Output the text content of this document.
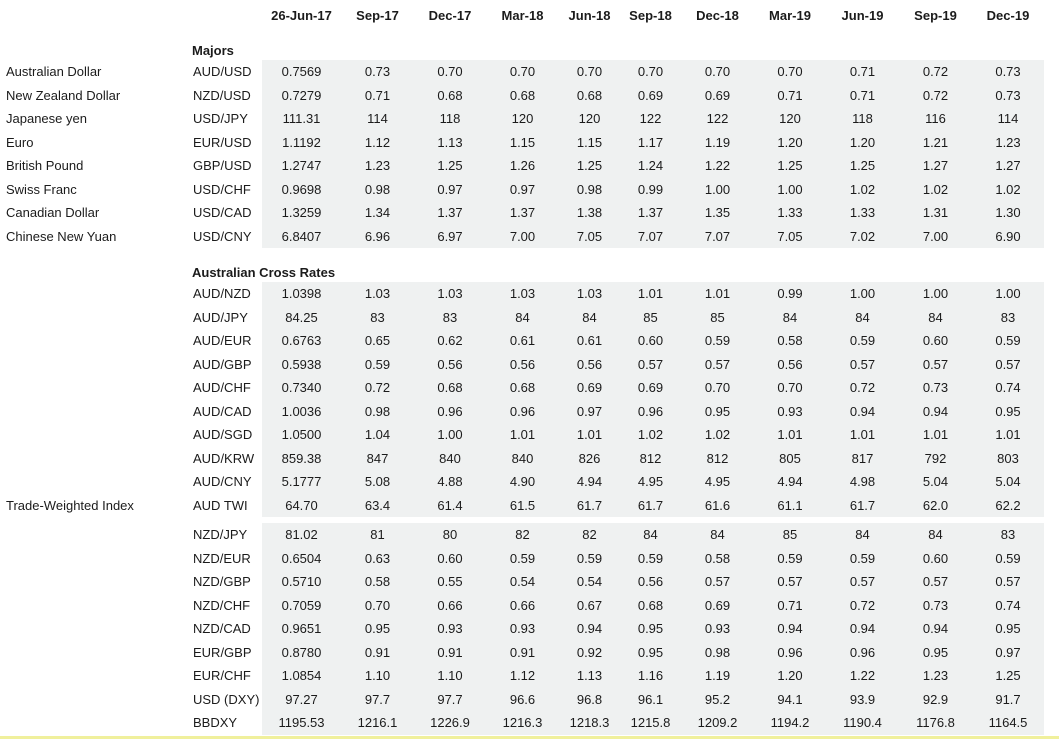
		26-Jun-17	Sep-17	Dec-17	Mar-18	Jun-18	Sep-18	Dec-18	Mar-19	Jun-19	Sep-19	Dec-19

	Majors											
Australian Dollar	AUD/USD	0.7569	0.73	0.70	0.70	0.70	0.70	0.70	0.70	0.71	0.72	0.73
New Zealand Dollar	NZD/USD	0.7279	0.71	0.68	0.68	0.68	0.69	0.69	0.71	0.71	0.72	0.73
Japanese yen	USD/JPY	111.31	114	118	120	120	122	122	120	118	116	114
Euro	EUR/USD	1.1192	1.12	1.13	1.15	1.15	1.17	1.19	1.20	1.20	1.21	1.23
British Pound	GBP/USD	1.2747	1.23	1.25	1.26	1.25	1.24	1.22	1.25	1.25	1.27	1.27
Swiss Franc	USD/CHF	0.9698	0.98	0.97	0.97	0.98	0.99	1.00	1.00	1.02	1.02	1.02
Canadian Dollar	USD/CAD	1.3259	1.34	1.37	1.37	1.38	1.37	1.35	1.33	1.33	1.31	1.30
Chinese New Yuan	USD/CNY	6.8407	6.96	6.97	7.00	7.05	7.07	7.07	7.05	7.02	7.00	6.90

	Australian Cross Rates											
	AUD/NZD	1.0398	1.03	1.03	1.03	1.03	1.01	1.01	0.99	1.00	1.00	1.00
	AUD/JPY	84.25	83	83	84	84	85	85	84	84	84	83
	AUD/EUR	0.6763	0.65	0.62	0.61	0.61	0.60	0.59	0.58	0.59	0.60	0.59
	AUD/GBP	0.5938	0.59	0.56	0.56	0.56	0.57	0.57	0.56	0.57	0.57	0.57
	AUD/CHF	0.7340	0.72	0.68	0.68	0.69	0.69	0.70	0.70	0.72	0.73	0.74
	AUD/CAD	1.0036	0.98	0.96	0.96	0.97	0.96	0.95	0.93	0.94	0.94	0.95
	AUD/SGD	1.0500	1.04	1.00	1.01	1.01	1.02	1.02	1.01	1.01	1.01	1.01
	AUD/KRW	859.38	847	840	840	826	812	812	805	817	792	803
	AUD/CNY	5.1777	5.08	4.88	4.90	4.94	4.95	4.95	4.94	4.98	5.04	5.04
Trade-Weighted Index	AUD TWI	64.70	63.4	61.4	61.5	61.7	61.7	61.6	61.1	61.7	62.0	62.2

	NZD/JPY	81.02	81	80	82	82	84	84	85	84	84	83
	NZD/EUR	0.6504	0.63	0.60	0.59	0.59	0.59	0.58	0.59	0.59	0.60	0.59
	NZD/GBP	0.5710	0.58	0.55	0.54	0.54	0.56	0.57	0.57	0.57	0.57	0.57
	NZD/CHF	0.7059	0.70	0.66	0.66	0.67	0.68	0.69	0.71	0.72	0.73	0.74
	NZD/CAD	0.9651	0.95	0.93	0.93	0.94	0.95	0.93	0.94	0.94	0.94	0.95
	EUR/GBP	0.8780	0.91	0.91	0.91	0.92	0.95	0.98	0.96	0.96	0.95	0.97
	EUR/CHF	1.0854	1.10	1.10	1.12	1.13	1.16	1.19	1.20	1.22	1.23	1.25
	USD (DXY)	97.27	97.7	97.7	96.6	96.8	96.1	95.2	94.1	93.9	92.9	91.7
	BBDXY	1195.53	1216.1	1226.9	1216.3	1218.3	1215.8	1209.2	1194.2	1190.4	1176.8	1164.5
